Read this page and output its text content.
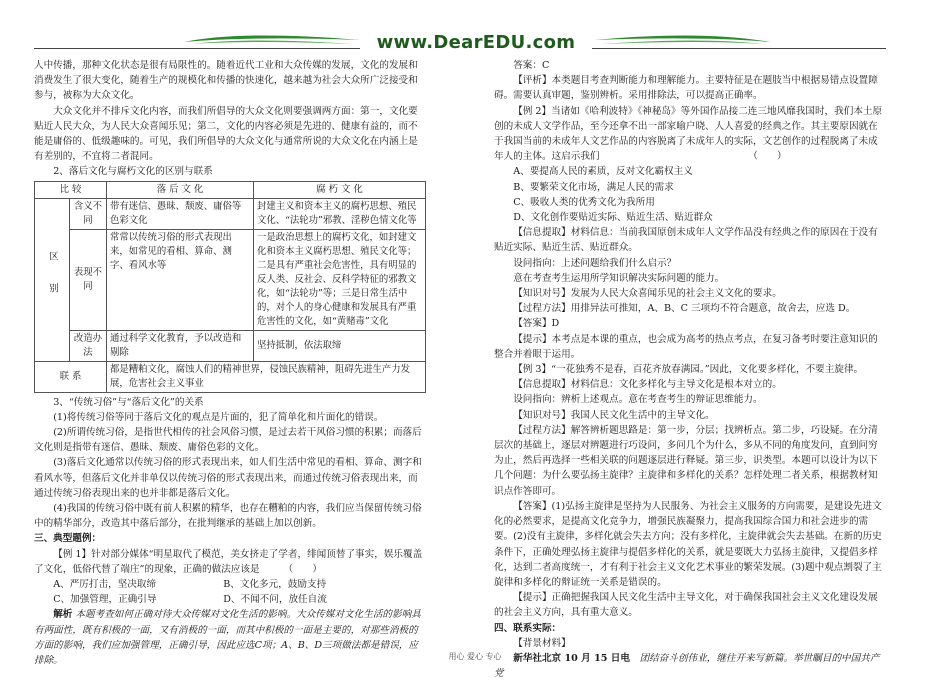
www.DearEDU.com

人中传播，那种文化状态是很有局限性的。随着近代工业和大众传媒的发展，文化的发展和消费发生了很大变化，随着生产的规模化和传播的快速化，越来越为社会大众所广泛接受和参与，被称为大众文化。

大众文化并不排斥文化内容，而我们所倡导的大众文化则要强调两方面：第一，文化要贴近人民大众，为人民大众喜闻乐见；第二，文化的内容必须是先进的、健康有益的，而不能是庸俗的、低级趣味的。可见，我们所倡导的大众文化与通常所说的大众文化在内涵上是有差别的，不宜将二者混同。

2、落后文化与腐朽文化的区别与联系

比 较		落 后 文 化	腐 朽 文 化
区 别	含义不同	带有迷信、愚昧、颓废、庸俗等色彩文化	封建主义和资本主义的腐朽思想、殖民文化、“法轮功”邪教、淫秽色情文化等
	表现不同	常常以传统习俗的形式表现出来，如常见的看相、算命、测字、看风水等	一是政治思想上的腐朽文化，如封建文化和资本主义腐朽思想、殖民文化等；二是具有严重社会危害性，具有明显的反人类、反社会、反科学特征的邪教文化，如“法轮功”等；三是日常生活中的，对个人的身心健康和发展具有严重危害性的文化，如“黄赌毒”文化
	改造办法	通过科学文化教育，予以改造和剔除	坚持抵制，依法取缔
联 系		都是糟粕文化，腐蚀人们的精神世界，侵蚀民族精神，阻碍先进生产力发展，危害社会主义事业	

3、“传统习俗”与“落后文化”的关系

(1)将传统习俗等同于落后文化的观点是片面的，犯了简单化和片面化的错误。

(2)所谓传统习俗，是指世代相传的社会风俗习惯，是过去若干风俗习惯的积累；而落后文化则是指带有迷信、愚昧、颓废、庸俗色彩的文化。

(3)落后文化通常以传统习俗的形式表现出来，如人们生活中常见的看相、算命、测字和看风水等，但落后文化并非单仅以传统习俗的形式表现出来，而通过传统习俗表现出来，而通过传统习俗表现出来的也并非都是落后文化。

(4)我国的传统习俗中既有前人积累的精华，也存在糟粕的内容，我们应当保留传统习俗中的精华部分，改造其中落后部分，在批判继承的基础上加以创新。

三、典型题例：

【例 1】针对部分媒体“明星取代了模范，美女挤走了学者，绯闻顶替了事实，娱乐覆盖了文化，低俗代替了端庄”的现象，正确的做法应该是　　　（　　）

A、严厉打击，坚决取缔	B、文化多元，鼓励支持
C、加强管理，正确引导	D、不闻不问，放任自流

解析 本题考查如何正确对待大众传媒对文化生活的影响。大众传媒对文化生活的影响具有两面性，既有积极的一面，又有消极的一面，而其中积极的一面是主要的，对那些消极的方面的影响，我们应加强管理，正确引导，因此应选C项；A、B、D三项做法都是错误，应排除。

答案：C

【评析】本类题目考查判断能力和理解能力。主要特征是在题肢当中根据易错点设置障碍。需要认真审题，鉴别辨析。采用排除法，可以提高正确率。

【例 2】当诸如《哈利波特》《神秘岛》等外国作品接二连三地风靡我国时，我们本土原创的未成人文学作品，至今还拿不出一部家喻户晓、人人喜爱的经典之作。其主要原因就在于我国当前的未成年人文艺作品的内容脱离了未成年人的实际，文艺创作的过程脱离了未成年人的主体。这启示我们　　　　　　　　　　　　　　　　（　　）

A、要提高人民的素质，反对文化霸权主义

B、要繁荣文化市场，满足人民的需求

C、吸收人类的优秀文化为我所用

D、文化创作要贴近实际、贴近生活、贴近群众

【信息提取】材料信息：当前我国原创未成年人文学作品没有经典之作的原因在于没有贴近实际、贴近生活、贴近群众。

设问指向：上述问题给我们什么启示？

意在考查考生运用所学知识解决实际问题的能力。

【知识对号】发展为人民大众喜闻乐见的社会主义文化的要求。

【过程方法】用排异法可推知，A、B、C 三项均不符合题意，故舍去，应选 D。

【答案】D

【提示】本考点是本课的重点，也会成为高考的热点考点，在复习备考时要注意知识的整合并着眼于运用。

【例 3】“一花独秀不是春，百花齐放春满园。”因此，文化要多样化，不要主旋律。

【信息提取】材料信息：文化多样化与主导文化是根本对立的。

设问指向：辨析上述观点。意在考查考生的辩证思维能力。

【知识对号】我国人民文化生活中的主导文化。

【过程方法】解答辨析题思路是：第一步，分层；找辨析点。第二步，巧设疑。在分清层次的基础上，逐层对辨题进行巧设问，多问几个为什么，多从不同的角度发问，直到问穷为止，然后再选择一些相关联的问题逐层进行释疑。第三步，识类型。本题可以设计为以下几个问题：为什么要弘扬主旋律？主旋律和多样化的关系？怎样处理二者关系，根据教材知识点作答即可。

【答案】(1)弘扬主旋律是坚持为人民服务、为社会主义服务的方向需要，是建设先进文化的必然要求，是提高文化竞争力，增强民族凝聚力，提高我国综合国力和社会进步的需要。(2)没有主旋律，多样化就会失去方向；没有多样化，主旋律就会失去基础。在新的历史条件下，正确处理弘扬主旋律与提倡多样化的关系，就是要既大力弘扬主旋律，又提倡多样化，达到二者高度统一，才有利于社会主义文化艺术事业的繁荣发展。(3)题中观点割裂了主旋律和多样化的辩证统一关系是错误的。

【提示】正确把握我国人民文化生活中主导文化，对于确保我国社会主义文化建设发展的社会主义方向，具有重大意义。

四、联系实际：

【背景材料】

新华社北京 10 月 15 日电　团结奋斗创伟业，继往开来写新篇。举世瞩目的中国共产党

用心 爱心 专心
